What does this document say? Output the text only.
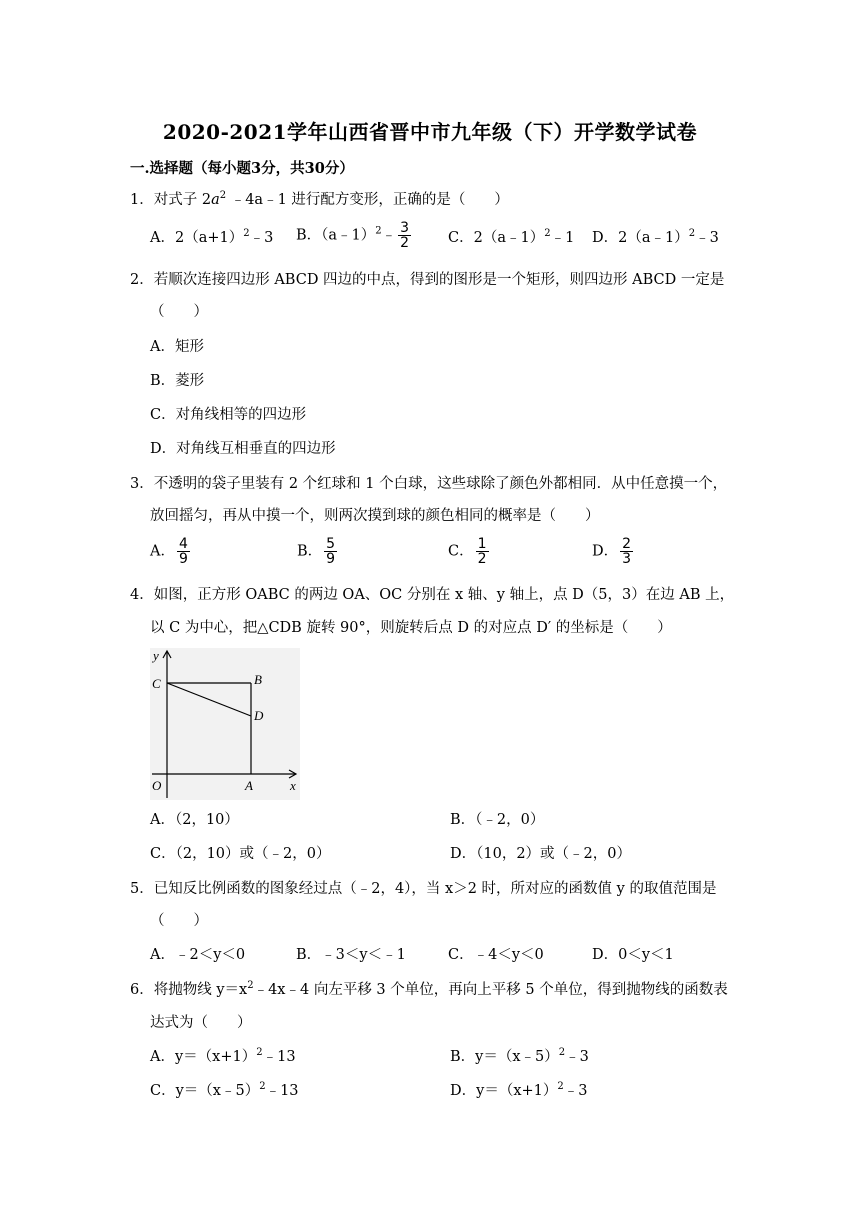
2020-2021学年山西省晋中市九年级（下）开学数学试卷
一.选择题（每小题3分，共30分）
1．对式子 $2a^2$ ﹣4a﹣1 进行配方变形，正确的是（　　）
A．$2(a+1)^2﹣3$ B．（a﹣1）$^2$﹣ $\frac{3}{2}$	C．2（a﹣1）$^2$﹣1 D．2（a﹣1）$^2$﹣3
2．若顺次连接四边形 ABCD 四边的中点，得到的图形是一个矩形，则四边形 ABCD 一定是
（　　）
A．矩形
B．菱形
C．对角线相等的四边形
D．对角线互相垂直的四边形
3．不透明的袋子里装有 2 个红球和 1 个白球，这些球除了颜色外都相同．从中任意摸一个，
放回摇匀，再从中摸一个，则两次摸到球的颜色相同的概率是（　　）
A． $\frac{4}{9}$	B． $\frac{5}{9}$	C． $\frac{1}{2}$	D． $\frac{2}{3}$
4．如图，正方形 OABC 的两边 OA、OC 分别在 x 轴、y 轴上，点 D（5，3）在边 AB 上，
以 C 为中心，把△CDB 旋转 90°，则旋转后点 D 的对应点 D′ 的坐标是（　　）
y
x
C	B
D
O	A
A．（2，10）	B．（﹣2，0）
C．（2，10）或（﹣2，0）	D．（10，2）或（﹣2，0）
5．已知反比例函数的图象经过点（﹣2，4），当 x＞2 时，所对应的函数值 y 的取值范围是
（　　）
A．﹣2＜y＜0	B．﹣3＜y＜﹣1	C．﹣4＜y＜0	D．0＜y＜1
6．将抛物线 $y=x^2﹣4x﹣4$ 向左平移 3 个单位，再向上平移 5 个单位，得到抛物线的函数表
达式为（　　）
A．$y=(x+1)^2﹣13$	B．y＝（x﹣5）$^2$﹣3
C．y＝（x﹣5）$^2$﹣13	D．$y=(x+1)^2﹣3$
